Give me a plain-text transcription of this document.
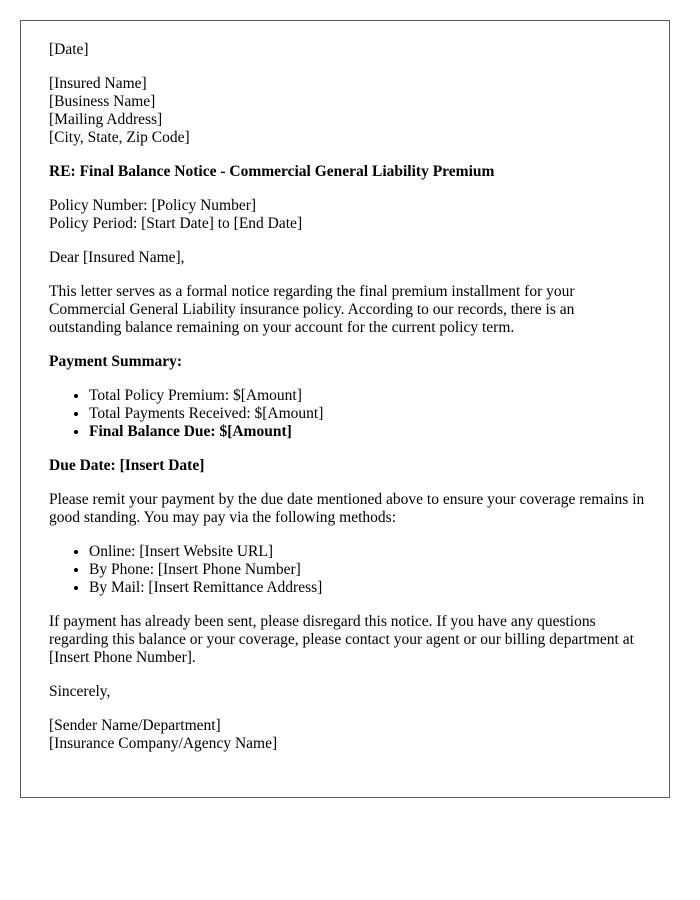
[Date]

[Insured Name]
[Business Name]
[Mailing Address]
[City, State, Zip Code]

RE: Final Balance Notice - Commercial General Liability Premium

Policy Number: [Policy Number]
Policy Period: [Start Date] to [End Date]

Dear [Insured Name],

This letter serves as a formal notice regarding the final premium installment for your Commercial General Liability insurance policy. According to our records, there is an outstanding balance remaining on your account for the current policy term.

Payment Summary:

• Total Policy Premium: $[Amount]
• Total Payments Received: $[Amount]
• Final Balance Due: $[Amount]

Due Date: [Insert Date]

Please remit your payment by the due date mentioned above to ensure your coverage remains in good standing. You may pay via the following methods:

• Online: [Insert Website URL]
• By Phone: [Insert Phone Number]
• By Mail: [Insert Remittance Address]

If payment has already been sent, please disregard this notice. If you have any questions regarding this balance or your coverage, please contact your agent or our billing department at [Insert Phone Number].

Sincerely,

[Sender Name/Department]
[Insurance Company/Agency Name]
